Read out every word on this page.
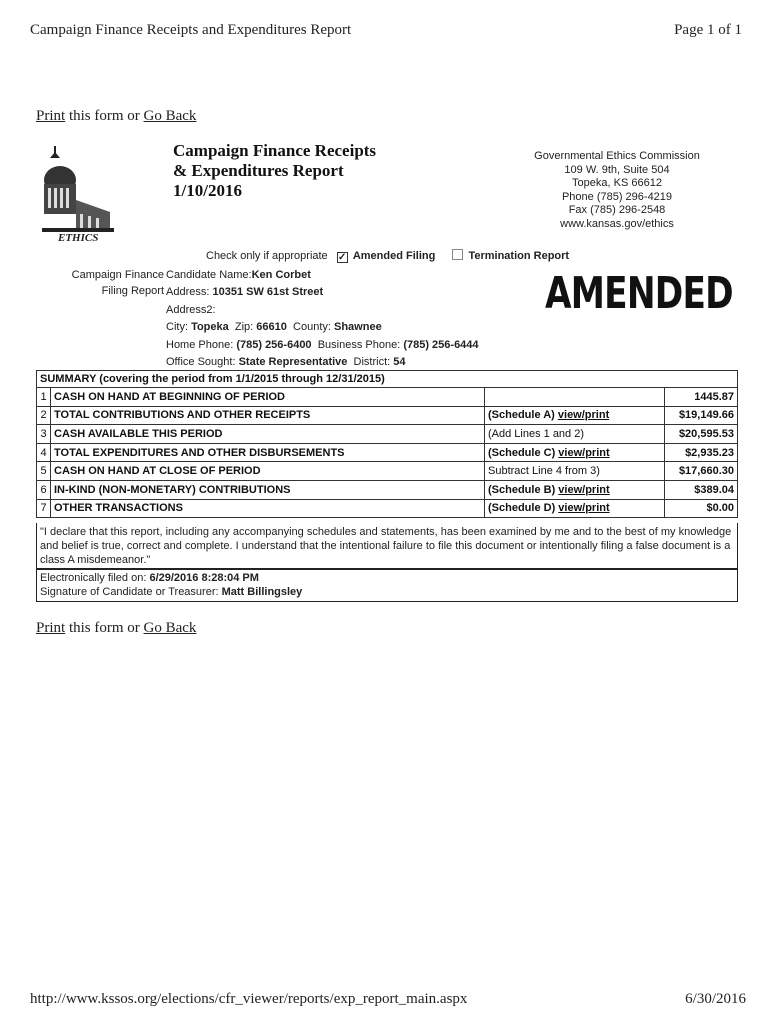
Campaign Finance Receipts and Expenditures Report	Page 1 of 1
Print this form or Go Back
ETHICS
Campaign Finance Receipts
& Expenditures Report
1/10/2016
Governmental Ethics Commission
109 W. 9th, Suite 504
Topeka, KS 66612
Phone (785) 296-4219
Fax (785) 296-2548
www.kansas.gov/ethics
Check only if appropriate ✓ Amended Filing	Termination Report
Campaign Finance
Filing Report
Candidate Name:Ken Corbet
Address: 10351 SW 61st Street
Address2:
City: Topeka Zip: 66610 County: Shawnee
Home Phone: (785) 256-6400 Business Phone: (785) 256-6444
Office Sought: State Representative District: 54
AMENDED
SUMMARY (covering the period from 1/1/2015 through 12/31/2015)			
1	CASH ON HAND AT BEGINNING OF PERIOD		1445.87
2	TOTAL CONTRIBUTIONS AND OTHER RECEIPTS	(Schedule A) view/print	$19,149.66
3	CASH AVAILABLE THIS PERIOD	(Add Lines 1 and 2)	$20,595.53
4	TOTAL EXPENDITURES AND OTHER DISBURSEMENTS	(Schedule C) view/print	$2,935.23
5	CASH ON HAND AT CLOSE OF PERIOD	Subtract Line 4 from 3)	$17,660.30
6	IN-KIND (NON-MONETARY) CONTRIBUTIONS	(Schedule B) view/print	$389.04
7	OTHER TRANSACTIONS	(Schedule D) view/print	$0.00
"I declare that this report, including any accompanying schedules and statements, has been examined by me and to the best of my knowledge and belief is true, correct and complete. I understand that the intentional failure to file this document or intentionally filing a false document is a class A misdemeanor."
Electronically filed on: 6/29/2016 8:28:04 PM
Signature of Candidate or Treasurer: Matt Billingsley
Print this form or Go Back
http://www.kssos.org/elections/cfr_viewer/reports/exp_report_main.aspx	6/30/2016
